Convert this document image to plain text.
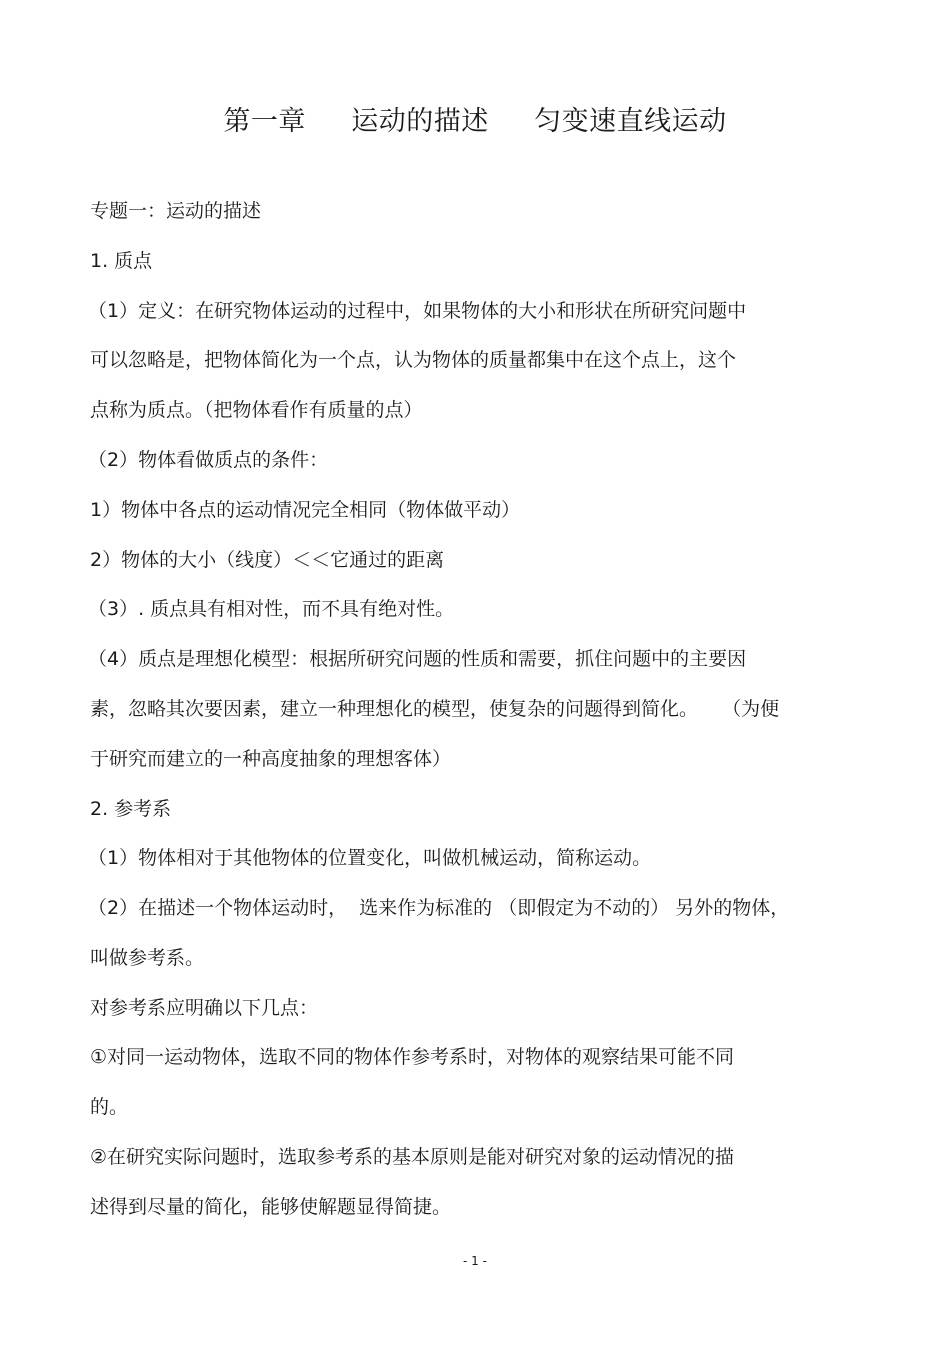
第一章     运动的描述     匀变速直线运动
专题一：运动的描述
1. 质点
（1）定义：在研究物体运动的过程中，如果物体的大小和形状在所研究问题中
可以忽略是，把物体简化为一个点，认为物体的质量都集中在这个点上，这个
点称为质点。（把物体看作有质量的点）
（2）物体看做质点的条件：
1）物体中各点的运动情况完全相同（物体做平动）
2）物体的大小（线度）＜＜它通过的距离
（3）. 质点具有相对性，而不具有绝对性。
（4）质点是理想化模型：根据所研究问题的性质和需要，抓住问题中的主要因
素，忽略其次要因素，建立一种理想化的模型，使复杂的问题得到简化。    （为便
于研究而建立的一种高度抽象的理想客体）
2. 参考系
（1）物体相对于其他物体的位置变化，叫做机械运动，简称运动。
（2）在描述一个物体运动时，  选来作为标准的 （即假定为不动的） 另外的物体，
叫做参考系。
对参考系应明确以下几点：
①对同一运动物体，选取不同的物体作参考系时，对物体的观察结果可能不同
的。
②在研究实际问题时，选取参考系的基本原则是能对研究对象的运动情况的描
述得到尽量的简化，能够使解题显得简捷。
- 1 -
